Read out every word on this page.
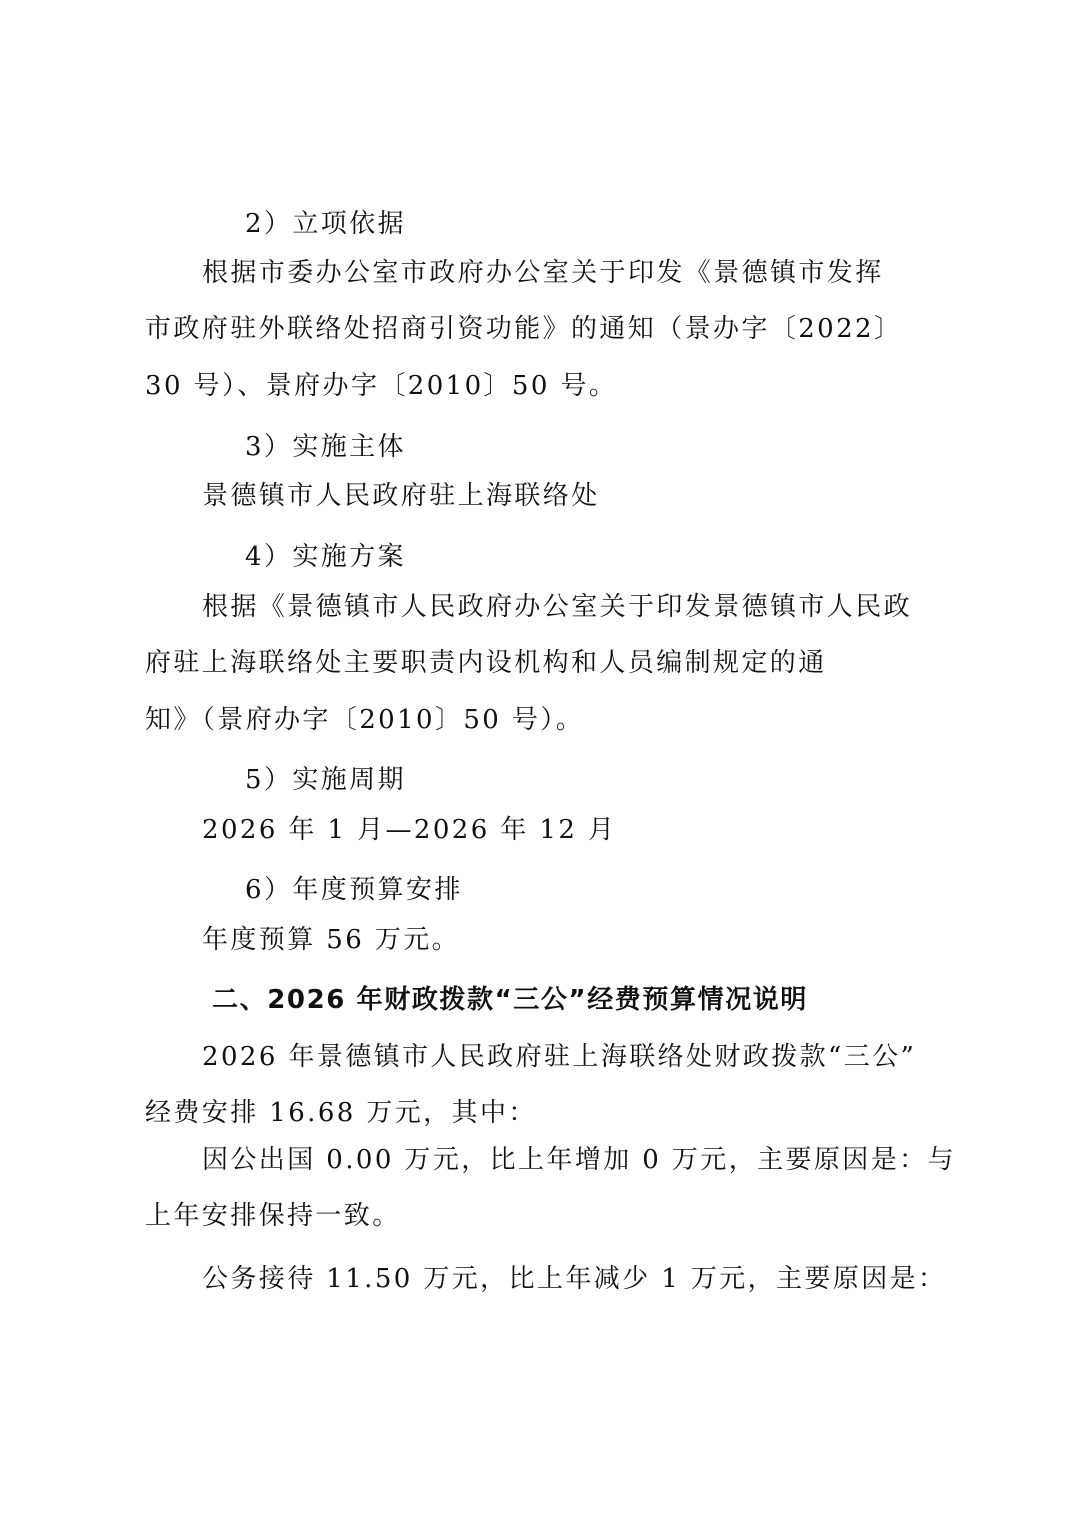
2）立项依据
根据市委办公室市政府办公室关于印发《景德镇市发挥
市政府驻外联络处招商引资功能》的通知（景办字〔2022〕
30 号）、景府办字〔2010〕50 号。
3）实施主体
景德镇市人民政府驻上海联络处
4）实施方案
根据《景德镇市人民政府办公室关于印发景德镇市人民政
府驻上海联络处主要职责内设机构和人员编制规定的通
知》（景府办字〔2010〕50 号）。
5）实施周期
2026 年 1 月—2026 年 12 月
6）年度预算安排
年度预算 56 万元。
二、2026 年财政拨款“三公”经费预算情况说明
2026 年景德镇市人民政府驻上海联络处财政拨款“三公”
经费安排 16.68 万元，其中：
因公出国 0.00 万元，比上年增加 0 万元，主要原因是：与
上年安排保持一致。
公务接待 11.50 万元，比上年减少 1 万元，主要原因是：
